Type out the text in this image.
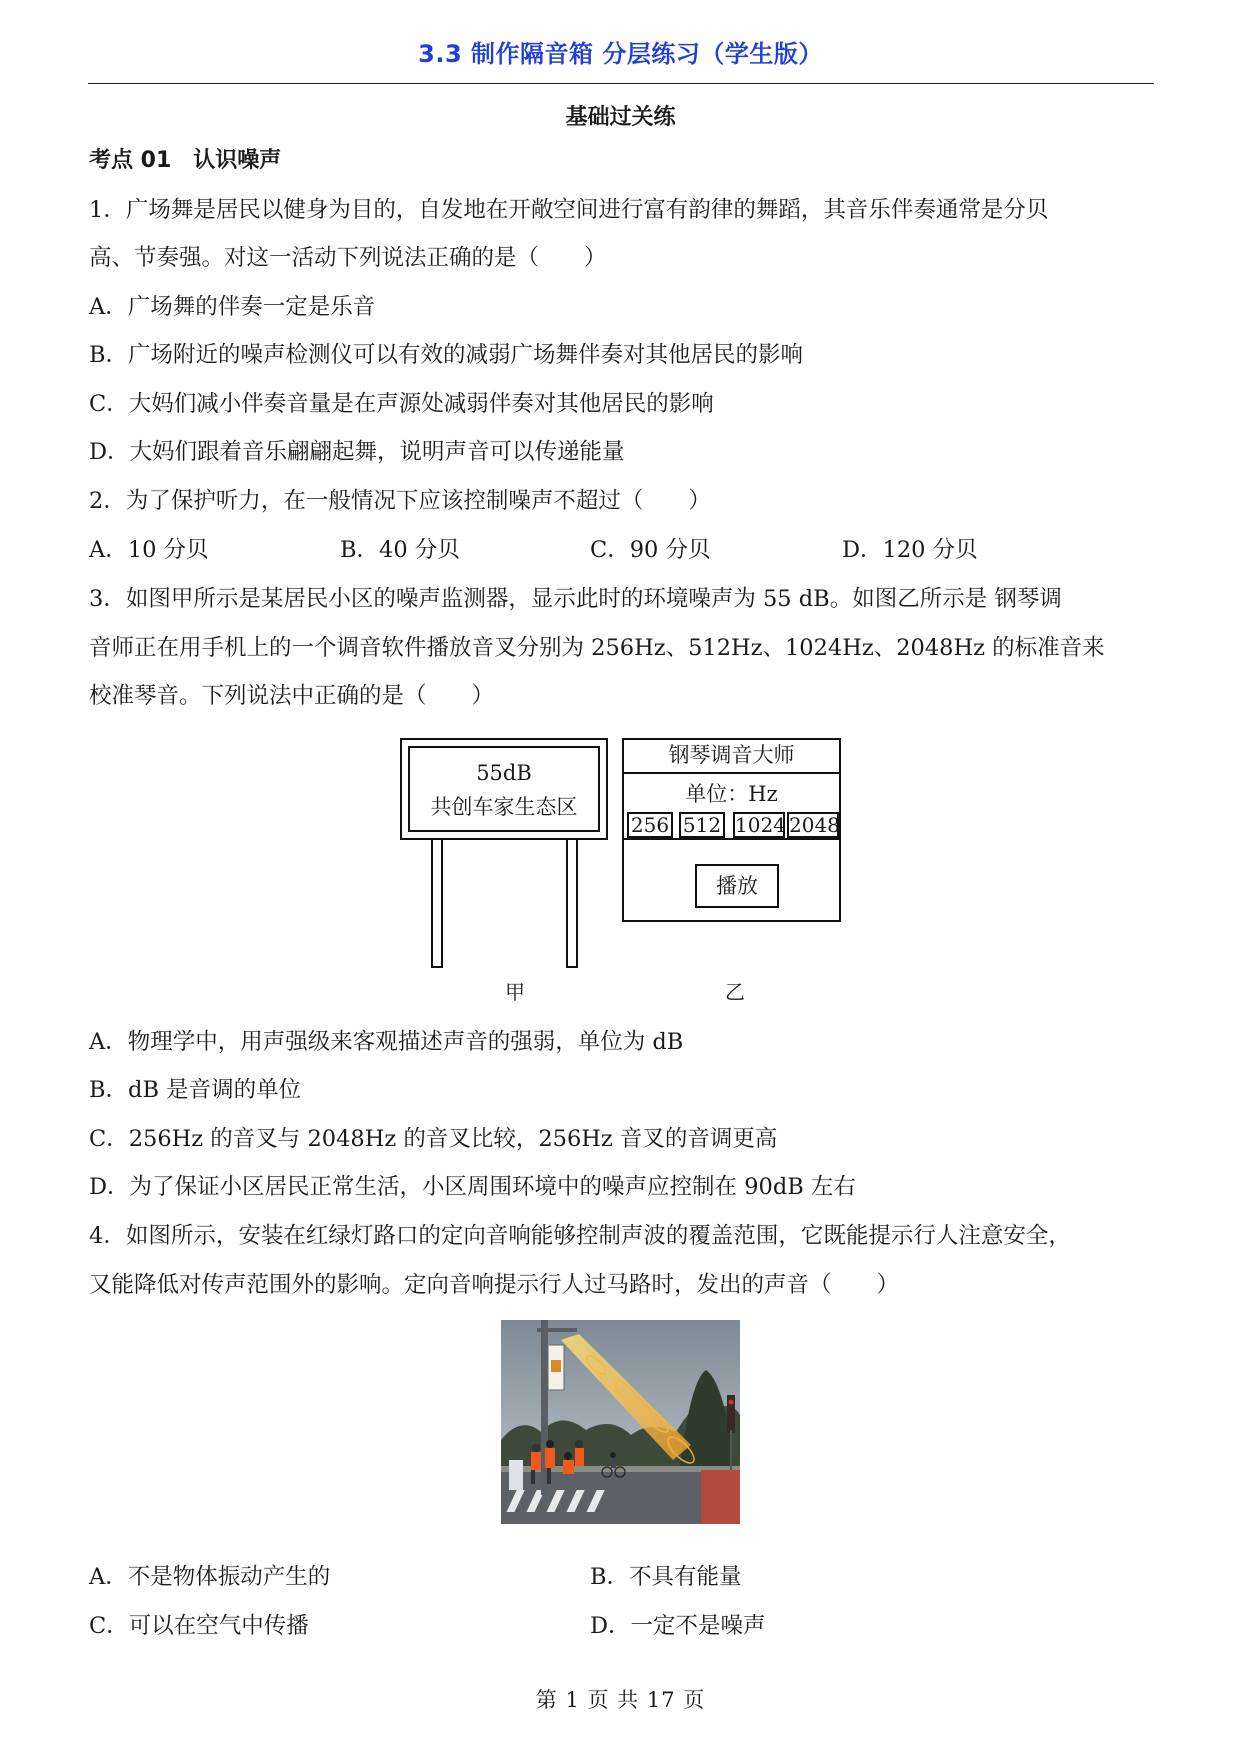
3.3 制作隔音箱 分层练习（学生版）
基础过关练
考点 01　认识噪声
1．广场舞是居民以健身为目的，自发地在开敞空间进行富有韵律的舞蹈，其音乐伴奏通常是分贝
高、节奏强。对这一活动下列说法正确的是（　　）
A．广场舞的伴奏一定是乐音
B．广场附近的噪声检测仪可以有效的减弱广场舞伴奏对其他居民的影响
C．大妈们减小伴奏音量是在声源处减弱伴奏对其他居民的影响
D．大妈们跟着音乐翩翩起舞，说明声音可以传递能量
2．为了保护听力，在一般情况下应该控制噪声不超过（　　）
A．10 分贝	B．40 分贝	C．90 分贝	D．120 分贝
3．如图甲所示是某居民小区的噪声监测器，显示此时的环境噪声为 55 dB。如图乙所示是 钢琴调
音师正在用手机上的一个调音软件播放音叉分别为 256Hz、512Hz、1024Hz、2048Hz 的标准音来
校准琴音。下列说法中正确的是（　　）
55dB
共创车家生态区
甲
钢琴调音大师
单位：Hz
256 512 1024 2048
播放
乙
A．物理学中，用声强级来客观描述声音的强弱，单位为 dB
B．dB 是音调的单位
C．256Hz 的音叉与 2048Hz 的音叉比较，256Hz 音叉的音调更高
D．为了保证小区居民正常生活，小区周围环境中的噪声应控制在 90dB 左右
4．如图所示，安装在红绿灯路口的定向音响能够控制声波的覆盖范围，它既能提示行人注意安全，
又能降低对传声范围外的影响。定向音响提示行人过马路时，发出的声音（　　）
A．不是物体振动产生的	B．不具有能量
C．可以在空气中传播	D．一定不是噪声
第 1 页 共 17 页
